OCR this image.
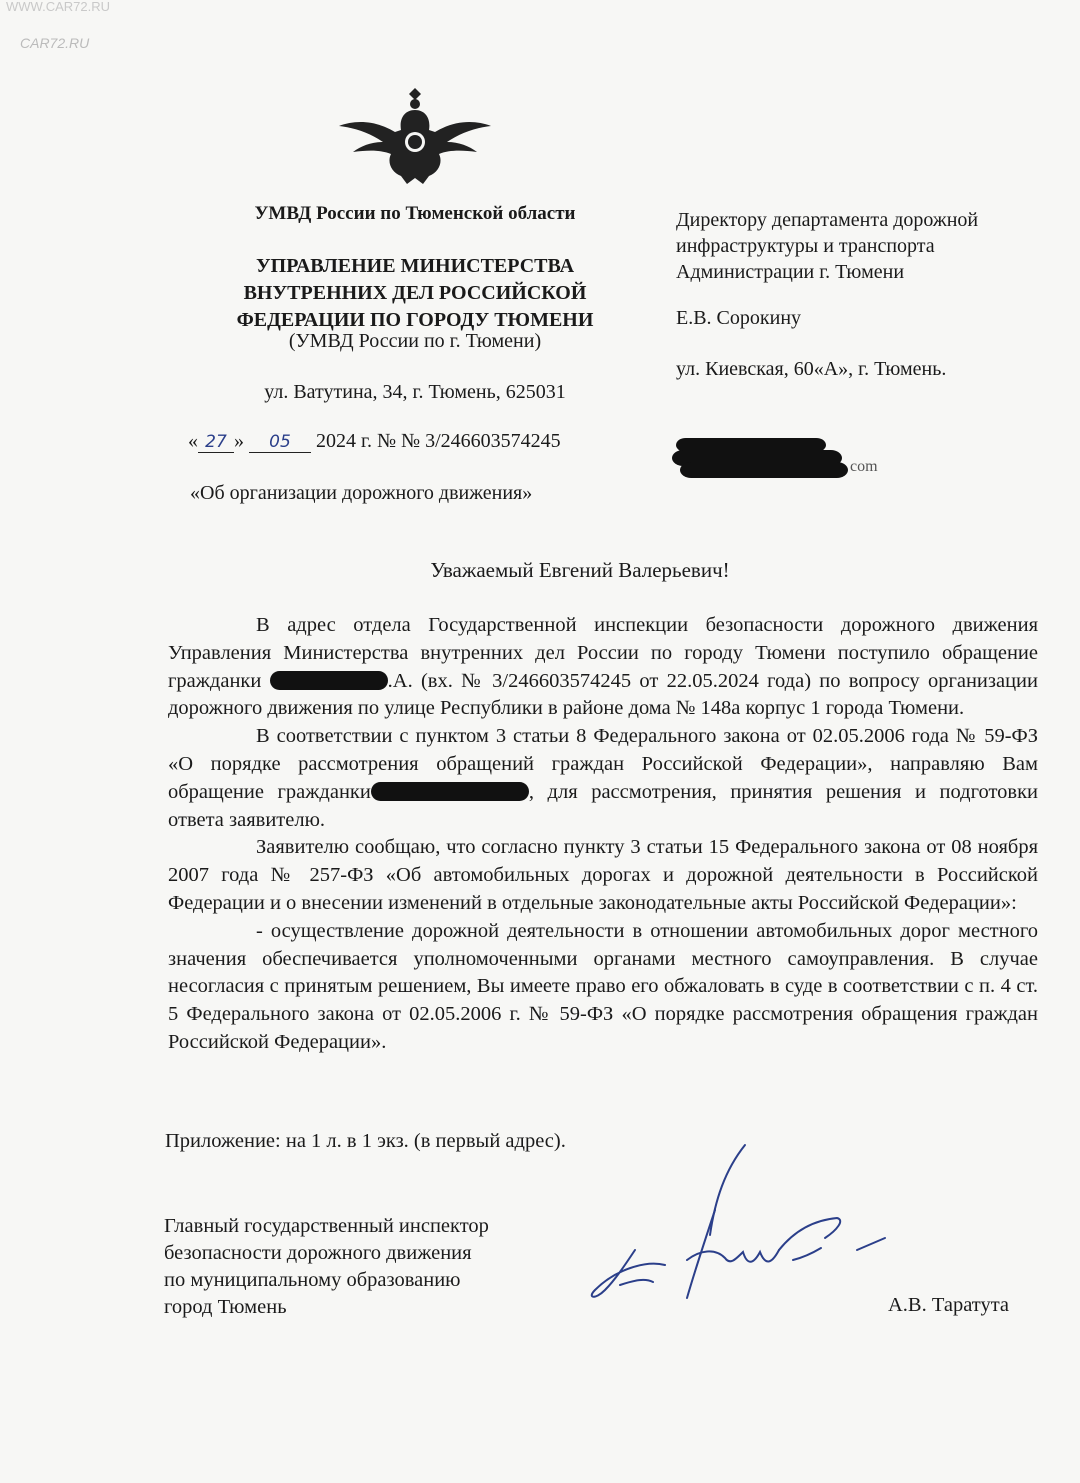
WWW.CAR72.RU
CAR72.RU
УМВД России по Тюменской области
УПРАВЛЕНИЕ МИНИСТЕРСТВА
ВНУТРЕННИХ ДЕЛ РОССИЙСКОЙ
ФЕДЕРАЦИИ ПО ГОРОДУ ТЮМЕНИ
(УМВД России по г. Тюмени)
ул. Ватутина, 34, г. Тюмень, 625031
« 27 » 05 2024 г. № № 3/246603574245
«Об организации дорожного движения»
Директору департамента дорожной
инфраструктуры и транспорта
Администрации г. Тюмени
Е.В. Сорокину
ул. Киевская, 60«А», г. Тюмень.
com
Уважаемый Евгений Валерьевич!

В адрес отдела Государственной инспекции безопасности дорожного движения Управления Министерства внутренних дел России по городу Тюмени поступило обращение гражданки	.А. (вх. № 3/246603574245 от 22.05.2024 года) по вопросу организации дорожного движения по улице Республики в районе дома № 148а корпус 1 города Тюмени.

В соответствии с пунктом 3 статьи 8 Федерального закона от 02.05.2006 года № 59-ФЗ «О порядке рассмотрения обращений граждан Российской Федерации», направляю Вам обращение гражданки	, для рассмотрения, принятия решения и подготовки ответа заявителю.

Заявителю сообщаю, что согласно пункту 3 статьи 15 Федерального закона от 08 ноября 2007 года № 257-ФЗ «Об автомобильных дорогах и дорожной деятельности в Российской Федерации и о внесении изменений в отдельные законодательные акты Российской Федерации»:

- осуществление дорожной деятельности в отношении автомобильных дорог местного значения обеспечивается уполномоченными органами местного самоуправления. В случае несогласия с принятым решением, Вы имеете право его обжаловать в суде в соответствии с п. 4 ст. 5 Федерального закона от 02.05.2006 г. № 59-ФЗ «О порядке рассмотрения обращения граждан Российской Федерации».

Приложение: на 1 л. в 1 экз. (в первый адрес).
Главный государственный инспектор
безопасности дорожного движения
по муниципальному образованию
город Тюмень	А.В. Таратута
